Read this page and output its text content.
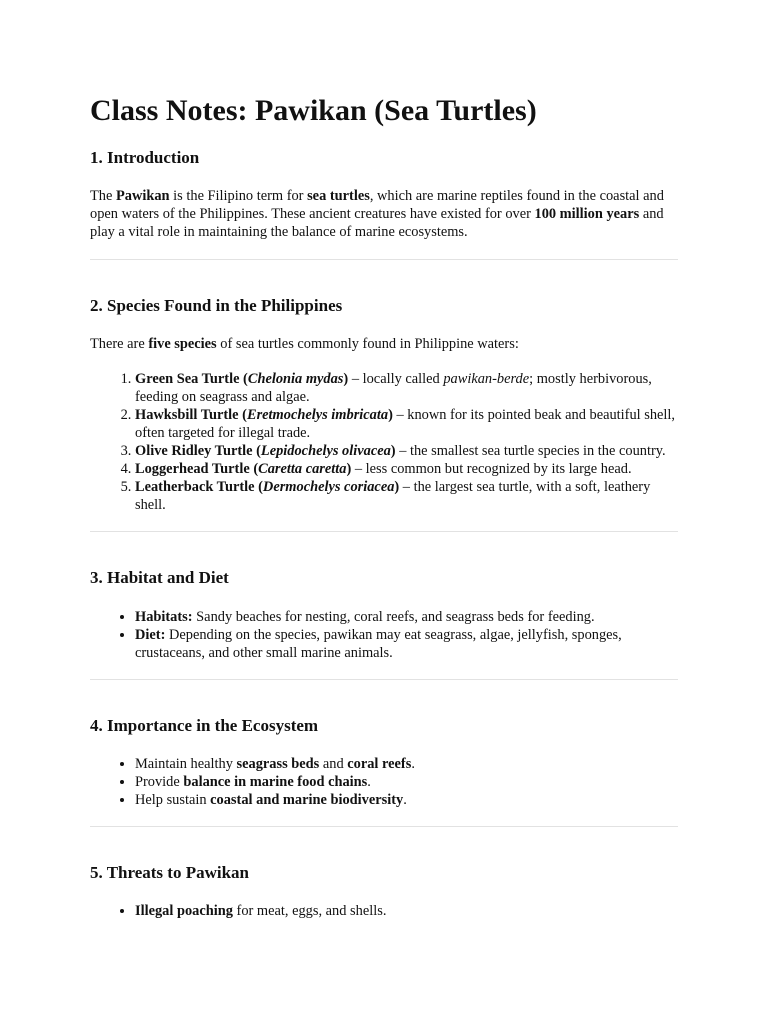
Class Notes: Pawikan (Sea Turtles)
1. Introduction

The Pawikan is the Filipino term for sea turtles, which are marine reptiles found in the coastal and open waters of the Philippines. These ancient creatures have existed for over 100 million years and play a vital role in maintaining the balance of marine ecosystems.

2. Species Found in the Philippines

There are five species of sea turtles commonly found in Philippine waters:

1. Green Sea Turtle (Chelonia mydas) – locally called pawikan-berde; mostly herbivorous, feeding on seagrass and algae.
2. Hawksbill Turtle (Eretmochelys imbricata) – known for its pointed beak and beautiful shell, often targeted for illegal trade.
3. Olive Ridley Turtle (Lepidochelys olivacea) – the smallest sea turtle species in the country.
4. Loggerhead Turtle (Caretta caretta) – less common but recognized by its large head.
5. Leatherback Turtle (Dermochelys coriacea) – the largest sea turtle, with a soft, leathery shell.
3. Habitat and Diet
• Habitats: Sandy beaches for nesting, coral reefs, and seagrass beds for feeding.
• Diet: Depending on the species, pawikan may eat seagrass, algae, jellyfish, sponges, crustaceans, and other small marine animals.
4. Importance in the Ecosystem
• Maintain healthy seagrass beds and coral reefs.
• Provide balance in marine food chains.
• Help sustain coastal and marine biodiversity.
5. Threats to Pawikan
• Illegal poaching for meat, eggs, and shells.
